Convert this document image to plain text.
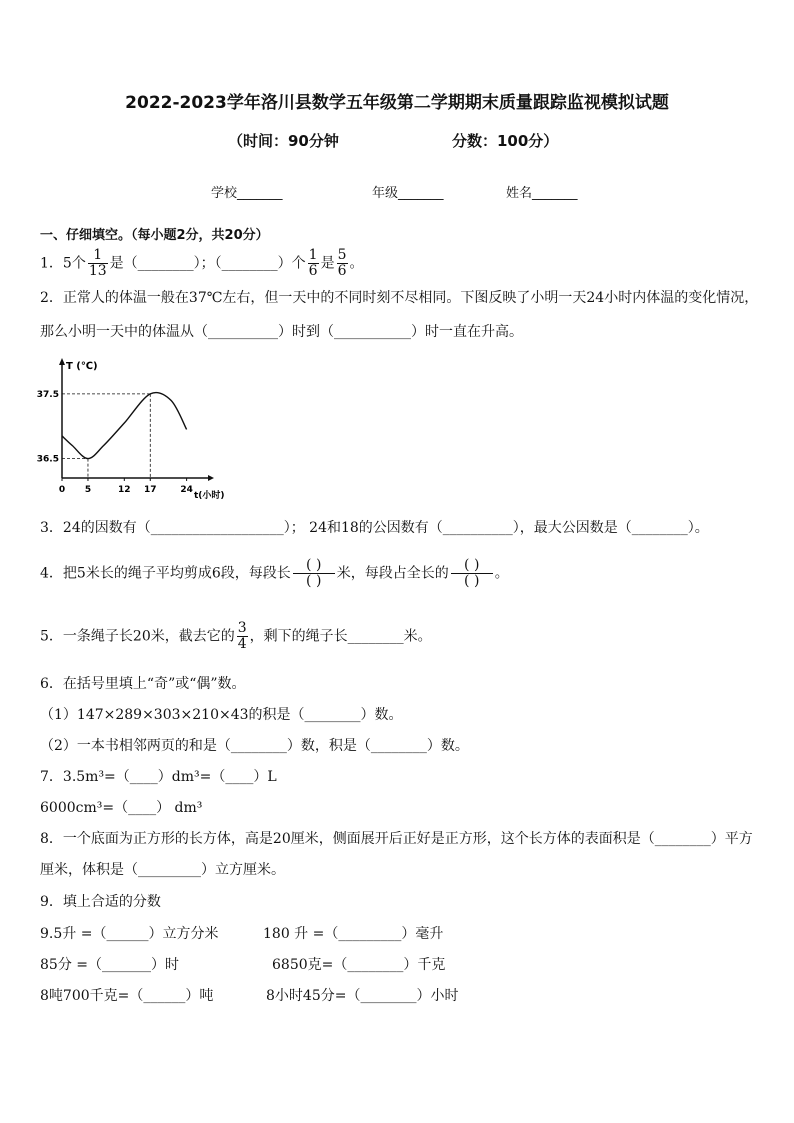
2022-2023学年洛川县数学五年级第二学期期末质量跟踪监视模拟试题
（时间：90分钟	分数：100分）
学校_______	年级_______	姓名_______
一、仔细填空。（每小题2分，共20分）
1．5个 $\frac{1}{13}$ 是（________）；（________）个 $\frac{1}{6}$ 是 $\frac{5}{6}$ 。
2．正常人的体温一般在37℃左右，但一天中的不同时刻不尽相同。下图反映了小明一天24小时内体温的变化情况，
那么小明一天中的体温从（__________）时到（___________）时一直在升高。
T (℃)
t(小时)
0 5	12 17	24
37.5
36.5
3．24的因数有（___________________）； 24和18的公因数有（__________），最大公因数是（________）。
4．把5米长的绳子平均剪成6段，每段长 $\frac{( )}{( )}$ 米，每段占全长的 $\frac{( )}{( )}$ 。
5．一条绳子长20米，截去它的 $\frac{3}{4}$ ，剩下的绳子长________米。
6．在括号里填上“奇”或“偶”数。
（1）147×289×303×210×43的积是（________）数。
（2）一本书相邻两页的和是（________）数，积是（________）数。
7．3.5m³=（____）dm³=（____）L
6000cm³=（____） dm³
8．一个底面为正方形的长方体，高是20厘米，侧面展开后正好是正方形，这个长方体的表面积是（________）平方
厘米，体积是（_________）立方厘米。
9．填上合适的分数
9.5升 =（______）立方分米	180 升 =（_________）毫升
85分 =（_______）时	6850克=（________）千克
8吨700千克=（______）吨	8小时45分=（________）小时
